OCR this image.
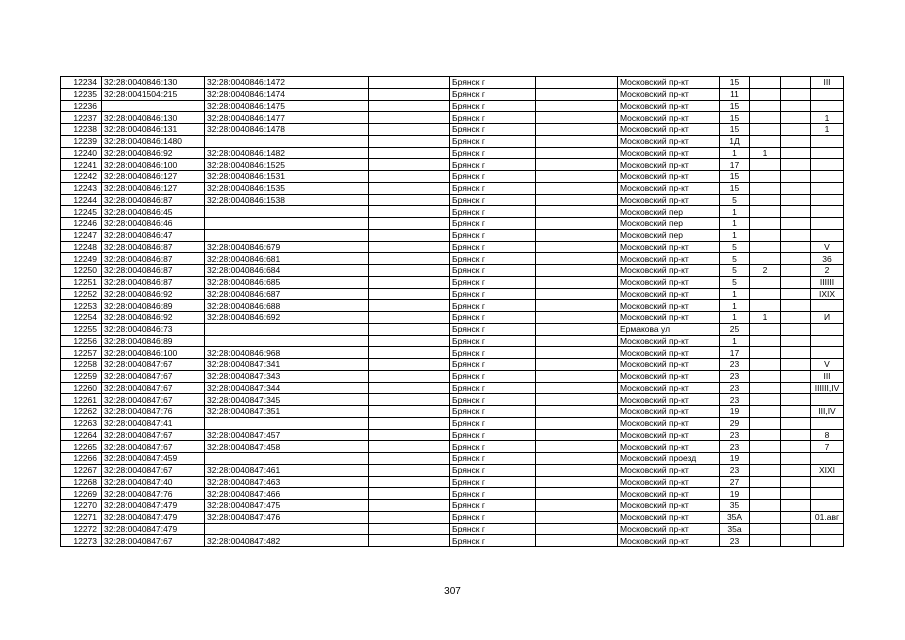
12234	32:28:0040846:130	32:28:0040846:1472		Брянск г		Московский пр-кт	15			III
12235	32:28:0041504:215	32:28:0040846:1474		Брянск г		Московский пр-кт	11			
12236		32:28:0040846:1475		Брянск г		Московский пр-кт	15			
12237	32:28:0040846:130	32:28:0040846:1477		Брянск г		Московский пр-кт	15			1
12238	32:28:0040846:131	32:28:0040846:1478		Брянск г		Московский пр-кт	15			1
12239	32:28:0040846:1480			Брянск г		Московский пр-кт	1Д			
12240	32:28:0040846:92	32:28:0040846:1482		Брянск г		Московский пр-кт	1	1		
12241	32:28:0040846:100	32:28:0040846:1525		Брянск г		Московский пр-кт	17			
12242	32:28:0040846:127	32:28:0040846:1531		Брянск г		Московский пр-кт	15			
12243	32:28:0040846:127	32:28:0040846:1535		Брянск г		Московский пр-кт	15			
12244	32:28:0040846:87	32:28:0040846:1538		Брянск г		Московский пр-кт	5			
12245	32:28:0040846:45			Брянск г		Московский пер	1			
12246	32:28:0040846:46			Брянск г		Московский пер	1			
12247	32:28:0040846:47			Брянск г		Московский пер	1			
12248	32:28:0040846:87	32:28:0040846:679		Брянск г		Московский пр-кт	5			V
12249	32:28:0040846:87	32:28:0040846:681		Брянск г		Московский пр-кт	5			36
12250	32:28:0040846:87	32:28:0040846:684		Брянск г		Московский пр-кт	5	2		2
12251	32:28:0040846:87	32:28:0040846:685		Брянск г		Московский пр-кт	5			IIIIII
12252	32:28:0040846:92	32:28:0040846:687		Брянск г		Московский пр-кт	1			IXIX
12253	32:28:0040846:89	32:28:0040846:688		Брянск г		Московский пр-кт	1			
12254	32:28:0040846:92	32:28:0040846:692		Брянск г		Московский пр-кт	1	1		И
12255	32:28:0040846:73			Брянск г		Ермакова ул	25			
12256	32:28:0040846:89			Брянск г		Московский пр-кт	1			
12257	32:28:0040846:100	32:28:0040846:968		Брянск г		Московский пр-кт	17			
12258	32:28:0040847:67	32:28:0040847:341		Брянск г		Московский пр-кт	23			V
12259	32:28:0040847:67	32:28:0040847:343		Брянск г		Московский пр-кт	23			III
12260	32:28:0040847:67	32:28:0040847:344		Брянск г		Московский пр-кт	23			IIIIII,IV
12261	32:28:0040847:67	32:28:0040847:345		Брянск г		Московский пр-кт	23			
12262	32:28:0040847:76	32:28:0040847:351		Брянск г		Московский пр-кт	19			III,IV
12263	32:28:0040847:41			Брянск г		Московский пр-кт	29			
12264	32:28:0040847:67	32:28:0040847:457		Брянск г		Московский пр-кт	23			8
12265	32:28:0040847:67	32:28:0040847:458		Брянск г		Московский пр-кт	23			7
12266	32:28:0040847:459			Брянск г		Московский проезд	19			
12267	32:28:0040847:67	32:28:0040847:461		Брянск г		Московский пр-кт	23			XIXI
12268	32:28:0040847:40	32:28:0040847:463		Брянск г		Московский пр-кт	27			
12269	32:28:0040847:76	32:28:0040847:466		Брянск г		Московский пр-кт	19			
12270	32:28:0040847:479	32:28:0040847:475		Брянск г		Московский пр-кт	35			
12271	32:28:0040847:479	32:28:0040847:476		Брянск г		Московский пр-кт	35А			01.авг
12272	32:28:0040847:479			Брянск г		Московский пр-кт	35а			
12273	32:28:0040847:67	32:28:0040847:482		Брянск г		Московский пр-кт	23			
307
